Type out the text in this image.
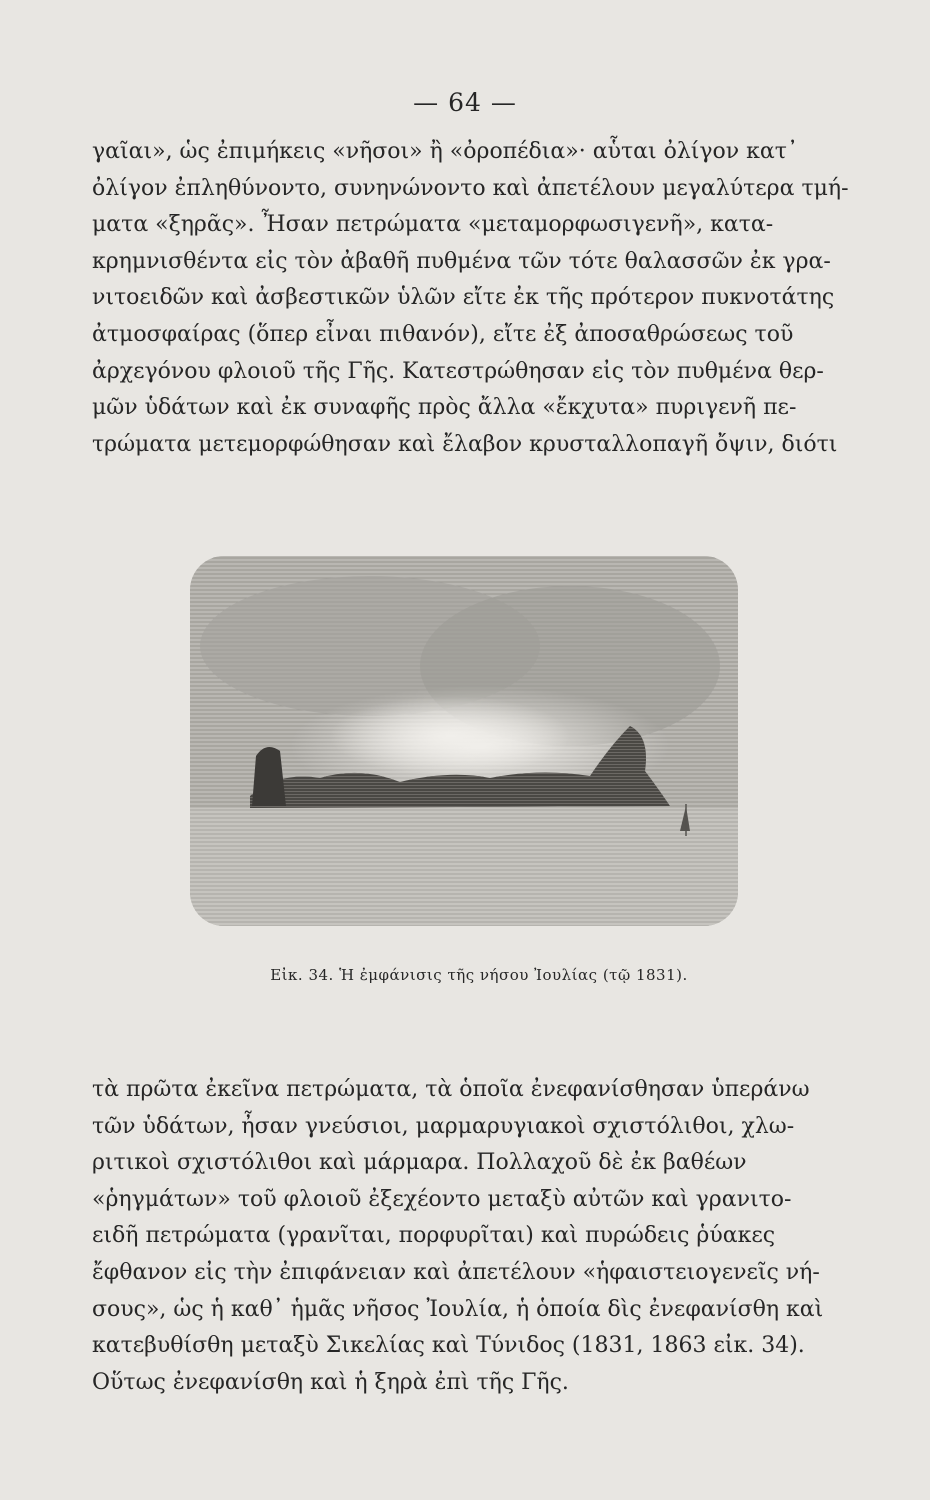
— 64 —
γαῖαι», ὡς ἐπιμήκεις «νῆσοι» ἢ «ὀροπέδια»· αὗται ὀλίγον κατ᾽
ὀλίγον ἐπληθύνοντο, συνηνώνοντο καὶ ἀπετέλουν μεγαλύτερα τμή-
ματα «ξηρᾶς». Ἦσαν πετρώματα «μεταμορφωσιγενῆ», κατα-
κρημνισθέντα εἰς τὸν ἀβαθῆ πυθμένα τῶν τότε θαλασσῶν ἐκ γρα-
νιτοειδῶν καὶ ἀσβεστικῶν ὑλῶν εἴτε ἐκ τῆς πρότερον πυκνοτάτης
ἀτμοσφαίρας (ὅπερ εἶναι πιθανόν), εἴτε ἐξ ἀποσαθρώσεως τοῦ
ἀρχεγόνου φλοιοῦ τῆς Γῆς. Κατεστρώθησαν εἰς τὸν πυθμένα θερ-
μῶν ὑδάτων καὶ ἐκ συναφῆς πρὸς ἄλλα «ἔκχυτα» πυριγενῆ πε-
τρώματα μετεμορφώθησαν καὶ ἔλαβον κρυσταλλοπαγῆ ὄψιν, διότι
Εἰκ. 34. Ἡ ἐμφάνισις τῆς νήσου Ἰουλίας (τῷ 1831).
τὰ πρῶτα ἐκεῖνα πετρώματα, τὰ ὁποῖα ἐνεφανίσθησαν ὑπεράνω
τῶν ὑδάτων, ἦσαν γνεύσιοι, μαρμαρυγιακοὶ σχιστόλιθοι, χλω-
ριτικοὶ σχιστόλιθοι καὶ μάρμαρα. Πολλαχοῦ δὲ ἐκ βαθέων
«ῥηγμάτων» τοῦ φλοιοῦ ἐξεχέοντο μεταξὺ αὐτῶν καὶ γρανιτο-
ειδῆ πετρώματα (γρανῖται, πορφυρῖται) καὶ πυρώδεις ῥύακες
ἔφθανον εἰς τὴν ἐπιφάνειαν καὶ ἀπετέλουν «ἡφαιστειογενεῖς νή-
σους», ὡς ἡ καθ᾽ ἡμᾶς νῆσος Ἰουλία, ἡ ὁποία δὶς ἐνεφανίσθη καὶ
κατεβυθίσθη μεταξὺ Σικελίας καὶ Τύνιδος (1831, 1863 εἰκ. 34).
Οὕτως ἐνεφανίσθη καὶ ἡ ξηρὰ ἐπὶ τῆς Γῆς.
